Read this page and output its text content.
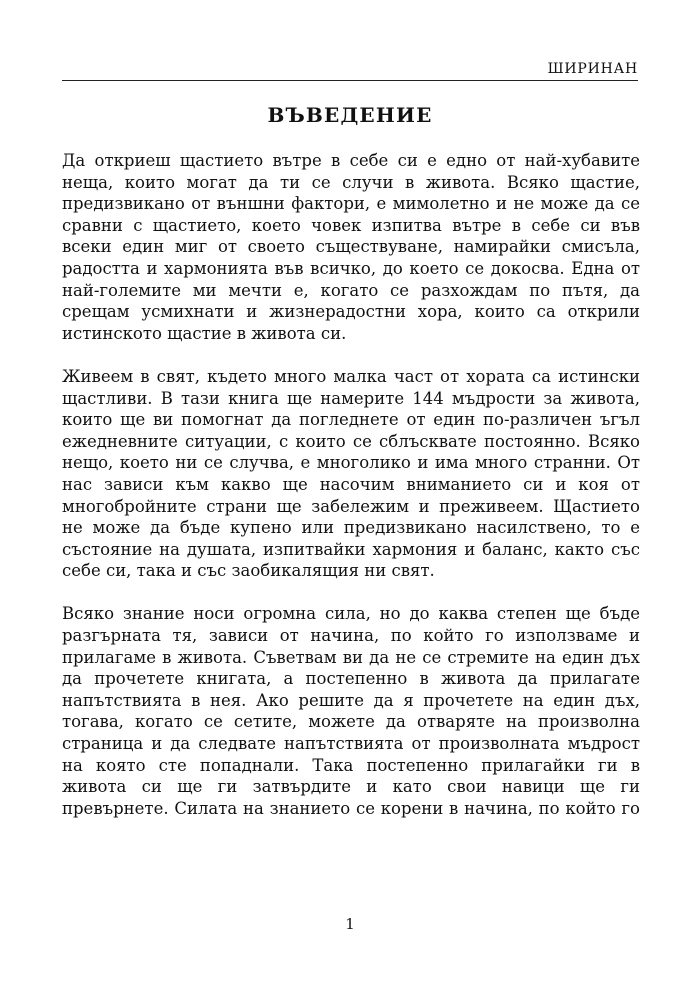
ШИРИНАН
ВЪВЕДЕНИЕ

Да откриеш щастието вътре в себе си е едно от най-хубавите неща, които могат да ти се случи в живота. Всяко щастие, предизвикано от външни фактори, е мимолетно и не може да се сравни с щастието, което човек изпитва вътре в себе си във всеки един миг от своето съществуване, намирайки смисъла, радостта и хармонията във всичко, до което се докосва. Една от най-големите ми мечти е, когато се разхождам по пътя, да срещам усмихнати и жизнерадостни хора, които са открили истинското щастие в живота си.

Живеем в свят, където много малка част от хората са истински щастливи. В тази книга ще намерите 144 мъдрости за живота, които ще ви помогнат да погледнете от един по-различен ъгъл ежедневните ситуации, с които се сблъсквате постоянно. Всяко нещо, което ни се случва, е многолико и има много странни. От нас зависи към какво ще насочим вниманието си и коя от многобройните страни ще забележим и преживеем. Щастието не може да бъде купено или предизвикано насилствено, то е състояние на душата, изпитвайки хармония и баланс, както със себе си, така и със заобикалящия ни свят.

Всяко знание носи огромна сила, но до каква степен ще бъде разгърната тя, зависи от начина, по който го използваме и прилагаме в живота. Съветвам ви да не се стремите на един дъх да прочетете книгата, а постепенно в живота да прилагате напътствията в нея. Ако решите да я прочетете на един дъх, тогава, когато се сетите, можете да отваряте на произволна страница и да следвате напътствията от произволната мъдрост на която сте попаднали. Така постепенно прилагайки ги в живота си ще ги затвърдите и като свои навици ще ги превърнете. Силата на знанието се корени в начина, по който го

1
